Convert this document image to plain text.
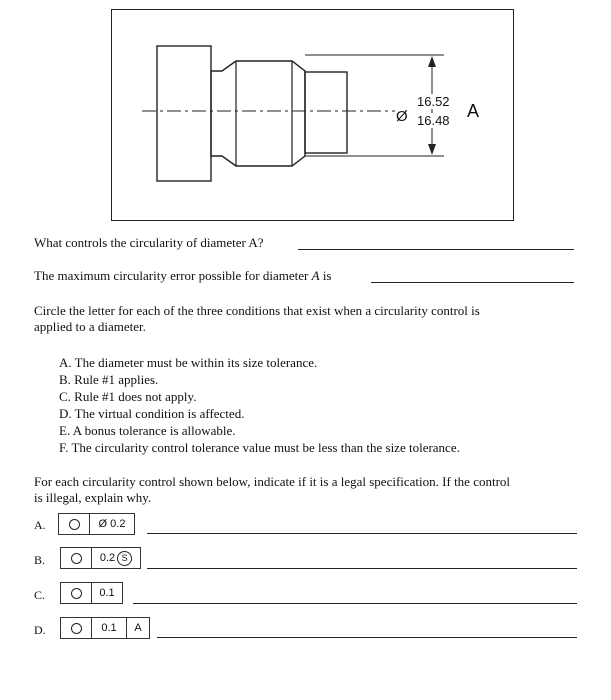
Ø
16.52
16.48 A
What controls the circularity of diameter A?
The maximum circularity error possible for diameter A is
Circle the letter for each of the three conditions that exist when a circularity control is
applied to a diameter.
A. The diameter must be within its size tolerance.
B. Rule #1 applies.
C. Rule #1 does not apply.
D. The virtual condition is affected.
E. A bonus tolerance is allowable.
F. The circularity control tolerance value must be less than the size tolerance.
For each circularity control shown below, indicate if it is a legal specification. If the control
is illegal, explain why.
A.	Ø 0.2
B.	0.2 S
C.	0.1
D.	0.1	A
